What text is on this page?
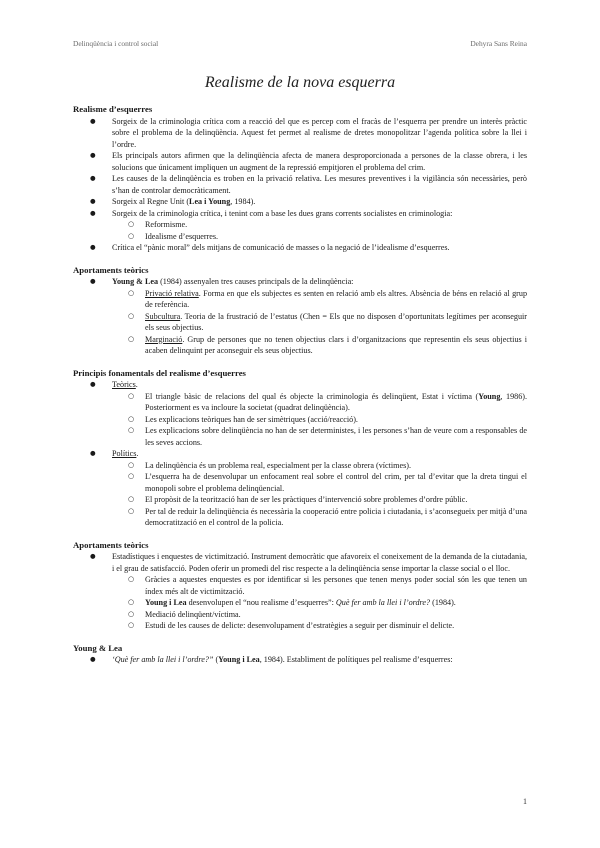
Delinqüència i control social	Dehyra Sans Reina
Realisme de la nova esquerra
Realisme d’esquerres
● Sorgeix de la criminologia crítica com a reacció del que es percep com el fracàs de l’esquerra per prendre un interès pràctic sobre el problema de la delinqüència. Aquest fet permet al realisme de dretes monopolitzar l’agenda política sobre la llei i l’ordre.
● Els principals autors afirmen que la delinqüència afecta de manera desproporcionada a persones de la classe obrera, i les solucions que únicament impliquen un augment de la repressió empitjoren el problema del crim.
● Les causes de la delinqüència es troben en la privació relativa. Les mesures preventives i la vigilància són necessàries, però s’han de controlar democràticament.
● Sorgeix al Regne Unit (Lea i Young, 1984).
● Sorgeix de la criminologia crítica, i tenint com a base les dues grans corrents socialistes en criminologia:
○ Reformisme.
○ Idealisme d’esquerres.
● Crítica el “pànic moral” dels mitjans de comunicació de masses o la negació de l’idealisme d’esquerres.
Aportaments teòrics
● Young & Lea (1984) assenyalen tres causes principals de la delinqüència:
○ Privació relativa. Forma en que els subjectes es senten en relació amb els altres. Absència de béns en relació al grup de referència.
○ Subcultura. Teoria de la frustració de l’estatus (Chen = Els que no disposen d’oportunitats legítimes per aconseguir els seus objectius.
○ Marginació. Grup de persones que no tenen objectius clars i d’organitzacions que representin els seus objectius i acaben delinquint per aconseguir els seus objectius.
Principis fonamentals del realisme d’esquerres
● Teòrics.
○ El triangle bàsic de relacions del qual és objecte la criminologia és delinqüent, Estat i víctima (Young, 1986). Posteriorment es va incloure la societat (quadrat delinqüència).
○ Les explicacions teòriques han de ser simètriques (acció/reacció).
○ Les explicacions sobre delinqüència no han de ser deterministes, i les persones s’han de veure com a responsables de les seves accions.
● Polítics.
○ La delinqüència és un problema real, especialment per la classe obrera (víctimes).
○ L’esquerra ha de desenvolupar un enfocament real sobre el control del crim, per tal d’evitar que la dreta tingui el monopoli sobre el problema delinqüencial.
○ El propòsit de la teorització han de ser les pràctiques d’intervenció sobre problemes d’ordre públic.
○ Per tal de reduir la delinqüència és necessària la cooperació entre policia i ciutadania, i s’aconsegueix per mitjà d’una democratització en el control de la policia.
Aportaments teòrics
● Estadístiques i enquestes de victimització. Instrument democràtic que afavoreix el coneixement de la demanda de la ciutadania, i el grau de satisfacció. Poden oferir un promedi del risc respecte a la delinqüència sense importar la classe social o el lloc.
○ Gràcies a aquestes enquestes es por identificar si les persones que tenen menys poder social són les que tenen un índex més alt de victimització.
○ Young i Lea desenvolupen el “nou realisme d’esquerres”: Què fer amb la llei i l’ordre? (1984).
○ Mediació delinqüent/víctima.
○ Estudi de les causes de delicte: desenvolupament d’estratègies a seguir per disminuir el delicte.
Young & Lea
● ‘Què fer amb la llei i l’ordre?” (Young i Lea, 1984). Establiment de polítiques pel realisme d’esquerres:
1
